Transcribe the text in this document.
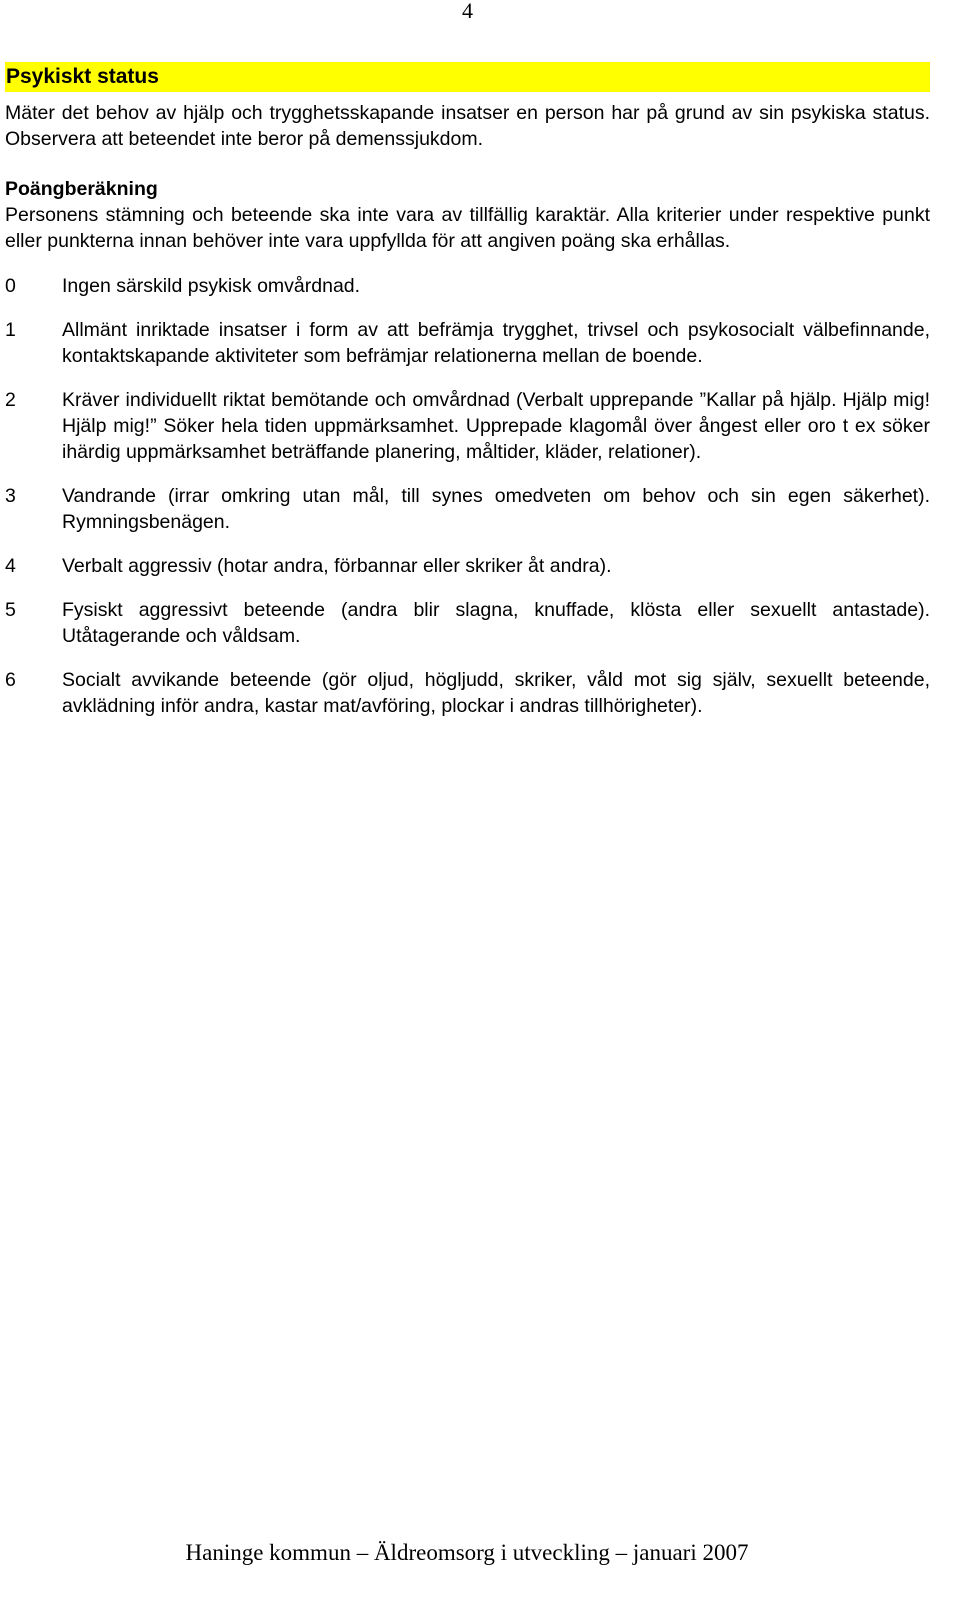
4
Psykiskt status

Mäter det behov av hjälp och trygghetsskapande insatser en person har på grund av sin psykiska status. Observera att beteendet inte beror på demenssjukdom.

Poängberäkning

Personens stämning och beteende ska inte vara av tillfällig karaktär. Alla kriterier under respektive punkt eller punkterna innan behöver inte vara uppfyllda för att angiven poäng ska erhållas.

0	Ingen särskild psykisk omvårdnad.
1	Allmänt inriktade insatser i form av att befrämja trygghet, trivsel och psykosocialt välbefinnande, kontaktskapande aktiviteter som befrämjar relationerna mellan de boende.
2	Kräver individuellt riktat bemötande och omvårdnad (Verbalt upprepande ”Kallar på hjälp. Hjälp mig! Hjälp mig!” Söker hela tiden uppmärksamhet. Upprepade klagomål över ångest eller oro t ex söker ihärdig uppmärksamhet beträffande planering, måltider, kläder, relationer).
3	Vandrande (irrar omkring utan mål, till synes omedveten om behov och sin egen säkerhet). Rymningsbenägen.
4	Verbalt aggressiv (hotar andra, förbannar eller skriker åt andra).
5	Fysiskt aggressivt beteende (andra blir slagna, knuffade, klösta eller sexuellt antastade). Utåtagerande och våldsam.
6	Socialt avvikande beteende (gör oljud, högljudd, skriker, våld mot sig själv, sexuellt beteende, avklädning inför andra, kastar mat/avföring, plockar i andras tillhörigheter).
Haninge kommun – Äldreomsorg i utveckling – januari 2007
